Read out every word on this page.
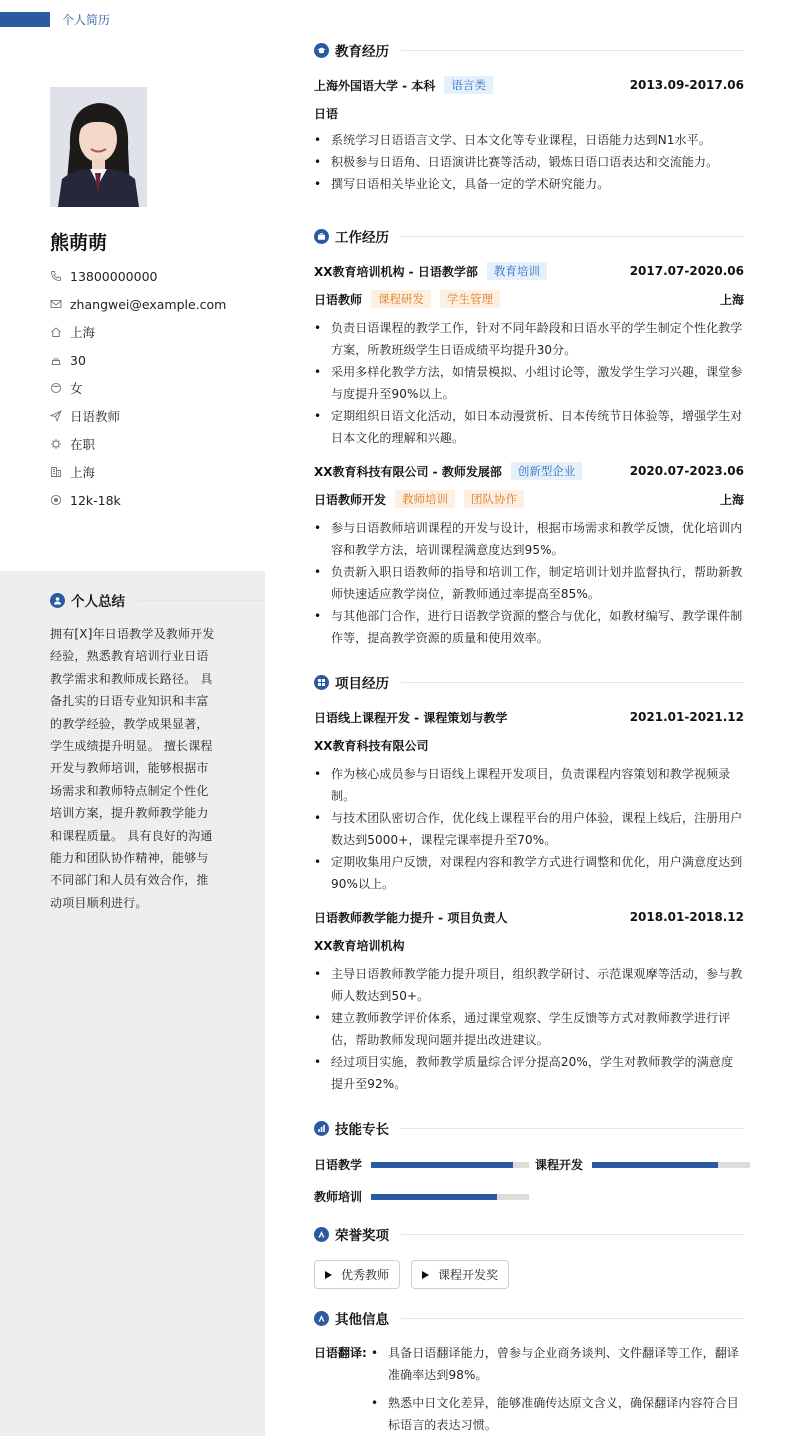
熊萌萌
13800000000
zhangwei@example.com
上海
30
女
日语教师
在职
上海
12k-18k
个人总结
拥有[X]年日语教学及教师开发经验，熟悉教育培训行业日语教学需求和教师成长路径。 具备扎实的日语专业知识和丰富的教学经验，教学成果显著，学生成绩提升明显。 擅长课程开发与教师培训，能够根据市场需求和教师特点制定个性化培训方案，提升教师教学能力和课程质量。 具有良好的沟通能力和团队协作精神，能够与不同部门和人员有效合作，推动项目顺利进行。
个人简历
教育经历
上海外国语大学 - 本科	语言类	2013.09-2017.06
日语
• 系统学习日语语言文学、日本文化等专业课程，日语能力达到N1水平。
• 积极参与日语角、日语演讲比赛等活动，锻炼日语口语表达和交流能力。
• 撰写日语相关毕业论文，具备一定的学术研究能力。
工作经历
XX教育培训机构 - 日语教学部	教育培训	2017.07-2020.06
日语教师	课程研发	学生管理	上海
• 负责日语课程的教学工作，针对不同年龄段和日语水平的学生制定个性化教学方案，所教班级学生日语成绩平均提升30分。
• 采用多样化教学方法，如情景模拟、小组讨论等，激发学生学习兴趣，课堂参与度提升至90%以上。
• 定期组织日语文化活动，如日本动漫赏析、日本传统节日体验等，增强学生对日本文化的理解和兴趣。
XX教育科技有限公司 - 教师发展部	创新型企业	2020.07-2023.06
日语教师开发	教师培训	团队协作	上海
• 参与日语教师培训课程的开发与设计，根据市场需求和教学反馈，优化培训内容和教学方法，培训课程满意度达到95%。
• 负责新入职日语教师的指导和培训工作，制定培训计划并监督执行，帮助新教师快速适应教学岗位，新教师通过率提高至85%。
• 与其他部门合作，进行日语教学资源的整合与优化，如教材编写、教学课件制作等，提高教学资源的质量和使用效率。
项目经历
日语线上课程开发 - 课程策划与教学	2021.01-2021.12
XX教育科技有限公司
• 作为核心成员参与日语线上课程开发项目，负责课程内容策划和教学视频录制。
• 与技术团队密切合作，优化线上课程平台的用户体验，课程上线后，注册用户数达到5000+，课程完课率提升至70%。
• 定期收集用户反馈，对课程内容和教学方式进行调整和优化，用户满意度达到90%以上。
日语教师教学能力提升 - 项目负责人	2018.01-2018.12
XX教育培训机构
• 主导日语教师教学能力提升项目，组织教学研讨、示范课观摩等活动，参与教师人数达到50+。
• 建立教师教学评价体系，通过课堂观察、学生反馈等方式对教师教学进行评估，帮助教师发现问题并提出改进建议。
• 经过项目实施，教师教学质量综合评分提高20%，学生对教师教学的满意度提升至92%。
技能专长
日语教学	课程开发
教师培训
荣誉奖项
优秀教师	课程开发奖
其他信息
日语翻译:
•	具备日语翻译能力，曾参与企业商务谈判、文件翻译等工作，翻译准确率达到98%。
• 熟悉中日文化差异，能够准确传达原文含义，确保翻译内容符合目标语言的表达习惯。
